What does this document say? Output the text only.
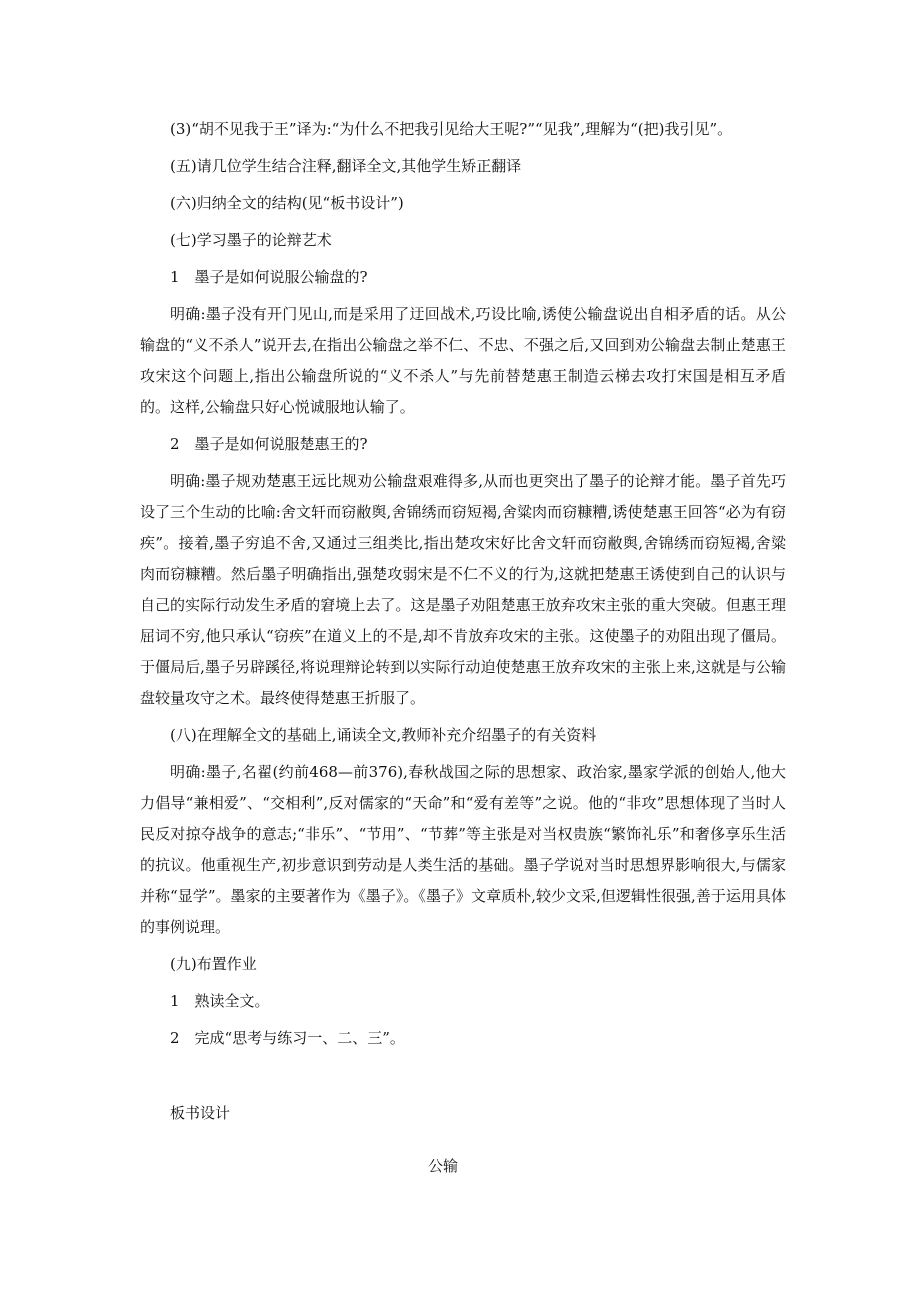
(3)“胡不见我于王”译为:“为什么不把我引见给大王呢?”“见我”,理解为“(把)我引见”。

(五)请几位学生结合注释,翻译全文,其他学生矫正翻译

(六)归纳全文的结构(见“板书设计”)

(七)学习墨子的论辩艺术

1　墨子是如何说服公输盘的?

明确:墨子没有开门见山,而是采用了迂回战术,巧设比喻,诱使公输盘说出自相矛盾的话。从公输盘的“义不杀人”说开去,在指出公输盘之举不仁、不忠、不强之后,又回到劝公输盘去制止楚惠王攻宋这个问题上,指出公输盘所说的“义不杀人”与先前替楚惠王制造云梯去攻打宋国是相互矛盾的。这样,公输盘只好心悦诚服地认输了。

2　墨子是如何说服楚惠王的?

明确:墨子规劝楚惠王远比规劝公输盘艰难得多,从而也更突出了墨子的论辩才能。墨子首先巧设了三个生动的比喻:舍文轩而窃敝舆,舍锦绣而窃短褐,舍粱肉而窃糠糟,诱使楚惠王回答“必为有窃疾”。接着,墨子穷追不舍,又通过三组类比,指出楚攻宋好比舍文轩而窃敝舆,舍锦绣而窃短褐,舍粱肉而窃糠糟。然后墨子明确指出,强楚攻弱宋是不仁不义的行为,这就把楚惠王诱使到自己的认识与自己的实际行动发生矛盾的窘境上去了。这是墨子劝阻楚惠王放弃攻宋主张的重大突破。但惠王理屈词不穷,他只承认“窃疾”在道义上的不是,却不肯放弃攻宋的主张。这使墨子的劝阻出现了僵局。于僵局后,墨子另辟蹊径,将说理辩论转到以实际行动迫使楚惠王放弃攻宋的主张上来,这就是与公输盘较量攻守之术。最终使得楚惠王折服了。

(八)在理解全文的基础上,诵读全文,教师补充介绍墨子的有关资料

明确:墨子,名翟(约前468—前376),春秋战国之际的思想家、政治家,墨家学派的创始人,他大力倡导“兼相爱”、“交相利”,反对儒家的“天命”和“爱有差等”之说。他的“非攻”思想体现了当时人民反对掠夺战争的意志;“非乐”、“节用”、“节葬”等主张是对当权贵族“繁饰礼乐”和奢侈享乐生活的抗议。他重视生产,初步意识到劳动是人类生活的基础。墨子学说对当时思想界影响很大,与儒家并称“显学”。墨家的主要著作为《墨子》。《墨子》文章质朴,较少文采,但逻辑性很强,善于运用具体的事例说理。

(九)布置作业

1　熟读全文。

2　完成“思考与练习一、二、三”。

板书设计

公输
